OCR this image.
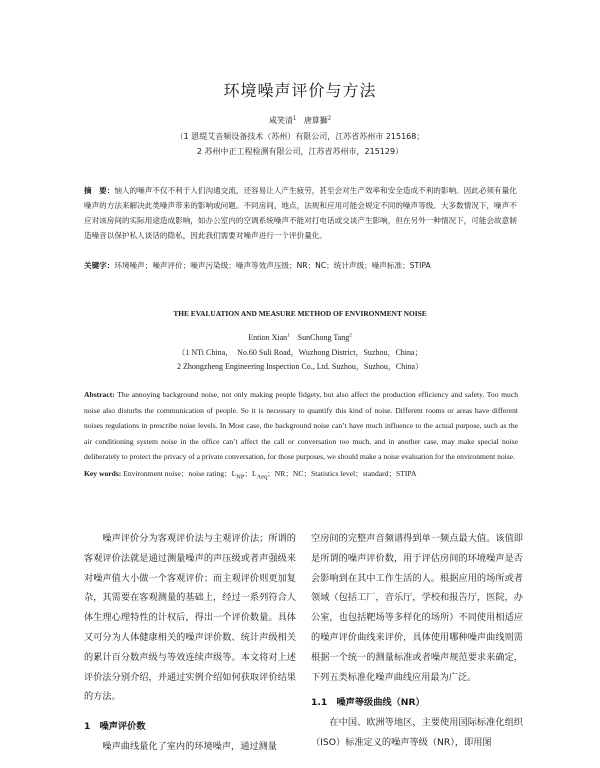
环境噪声评价与方法
咸笑清$^1$ 唐算獅$^2$
（1 恩缇艾音频设备技术（苏州）有限公司，江苏省苏州市 215168；
2 苏州中正工程检测有限公司，江苏省苏州市，215129）
摘　要：恼人的噪声不仅不利于人们沟通交流，还容易让人产生疲劳，甚至会对生产效率和安全造成不利的影响。因此必须有量化噪声的方法来解决此类噪声带来的影响或问题。不同房间，地点，法规和应用可能会规定不同的噪声等级。大多数情况下，噪声不应对该房间的实际用途造成影响，如办公室内的空调系统噪声不能对打电话或交谈产生影响，但在另外一种情况下，可能会故意制造噪音以保护私人谈话的隐私，因此我们需要对噪声进行一个评价量化。
关键字：环境噪声；噪声评价；噪声污染级；噪声等效声压级；NR；NC；统计声级；噪声标准；STIPA
THE EVALUATION AND MEASURE METHOD OF ENVIRONMENT NOISE
Ention Xian$^1$ SunChong Tang$^2$
（1 NTi China，　No.60 Suli Road，Wuzhong District，Suzhou，China；
2 Zhongzheng Engineering Inspection Co., Ltd. Suzhou，Suzhou，China）
Abstract: The annoying background noise, not only making people fidgety, but also affect the production efficiency and safety. Too much noise also disturbs the communication of people. So it is necessary to quantify this kind of noise. Different rooms or areas have different noises regulations in prescribe noise levels. In Most case, the background noise can’t have much influence to the actual purpose, such as the air conditioning system noise in the office can’t affect the call or conversation too much, and in another case, may make special noise deliberately to protect the privacy of a private conversation, for those purposes, we should make a noise evaluation for the environment noise.
Key words: Environment noise；noise rating；$L_{NP}$；$L_{Aeq}$；NR；NC；Statistics level；standard；STIPA

噪声评价分为客观评价法与主观评价法；所谓的客观评价法就是通过测量噪声的声压级或者声强级来对噪声值大小做一个客观评价；而主观评价则更加复杂，其需要在客观测量的基础上，经过一系列符合人体生理心理特性的计权后，得出一个评价数量。具体又可分为人体健康相关的噪声评价数、统计声级相关的累计百分数声级与等效连续声级等。本文将对上述评价法分别介绍，并通过实例介绍如何获取评价结果的方法。

1　噪声评价数

噪声曲线量化了室内的环境噪声，通过测量

空房间的完整声音频谱得到单一频点最大值。该值即是所谓的噪声评价数，用于评估房间的环境噪声是否会影响到在其中工作生活的人。根据应用的场所或者领域（包括工厂，音乐厅，学校和报告厅，医院，办公室，也包括靶场等多样化的场所）不同使用相适应的噪声评价曲线来评价，具体使用哪种噪声曲线则需根据一个统一的测量标准或者噪声规范要求来确定，下列五类标准化噪声曲线应用最为广泛。

1.1　噪声等级曲线（NR）

在中国、欧洲等地区，主要使用国际标准化组织（ISO）标准定义的噪声等级（NR），即用图
